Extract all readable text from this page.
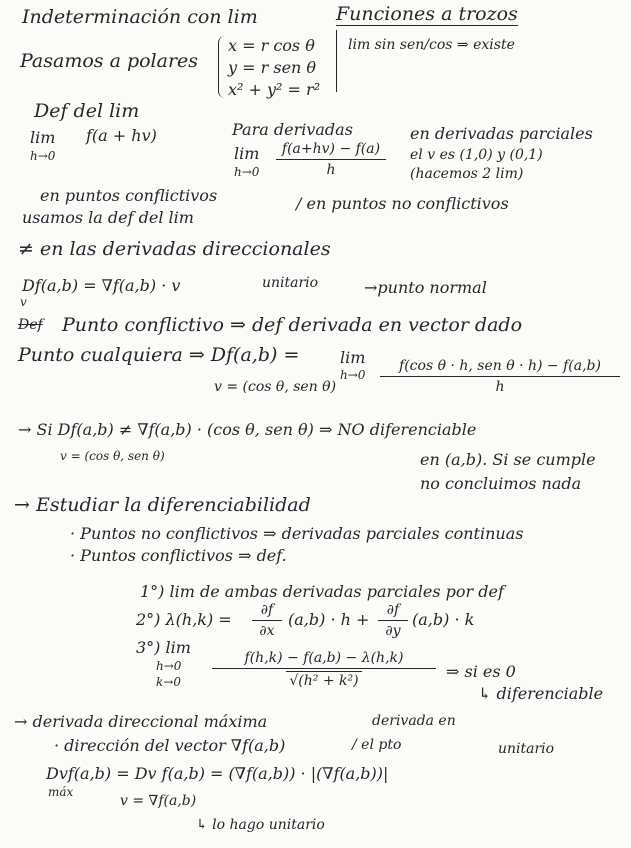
Indeterminación con lim	Funciones a trozos
lim sin sen/cos ⇒ existe
Pasamos a polares
x = r cos θ
y = r sen θ
x² + y² = r²
Def del lim
lim
h→0
f(a + hv)	Para derivadas
lim
h→0
f(a+hv) − f(a)
h
en derivadas parciales
el v es (1,0) y (0,1)
(hacemos 2 lim)
en puntos conflictivos
usamos la def del lim
/ en puntos no conflictivos
≠ en las derivadas direccionales
Df(a,b) = ∇f(a,b) · v
v
unitario	→punto normal
Def Punto conflictivo ⇒ def derivada en vector dado
Punto cualquiera ⇒ Df(a,b) =
v = (cos θ, sen θ)
lim
h→0
f(cos θ · h, sen θ · h) − f(a,b)
h
→ Si Df(a,b) ≠ ∇f(a,b) · (cos θ, sen θ) ⇒ NO diferenciable
v = (cos θ, sen θ)	en (a,b). Si se cumple
no concluimos nada
→ Estudiar la diferenciabilidad
· Puntos no conflictivos ⇒ derivadas parciales continuas
· Puntos conflictivos ⇒ def.
1°) lim de ambas derivadas parciales por def
2°) λ(h,k) = ∂f
∂x
(a,b) · h + ∂f
∂y
(a,b) · k
3°) lim
h→0
$k\to 0 \frac{f(h,k) - f(a,b) - \lambda(h,k)}{\text{√(h² + k²)}}$ ⇒ si es 0
↳ diferenciable
→ derivada direccional máxima	derivada en
· dirección del vector ∇f(a,b)	/ el pto	unitario
Dvf(a,b) = Dv f(a,b) = (∇f(a,b)) · |(∇f(a,b))|
máx
v = ∇f(a,b)
↳ lo hago unitario
